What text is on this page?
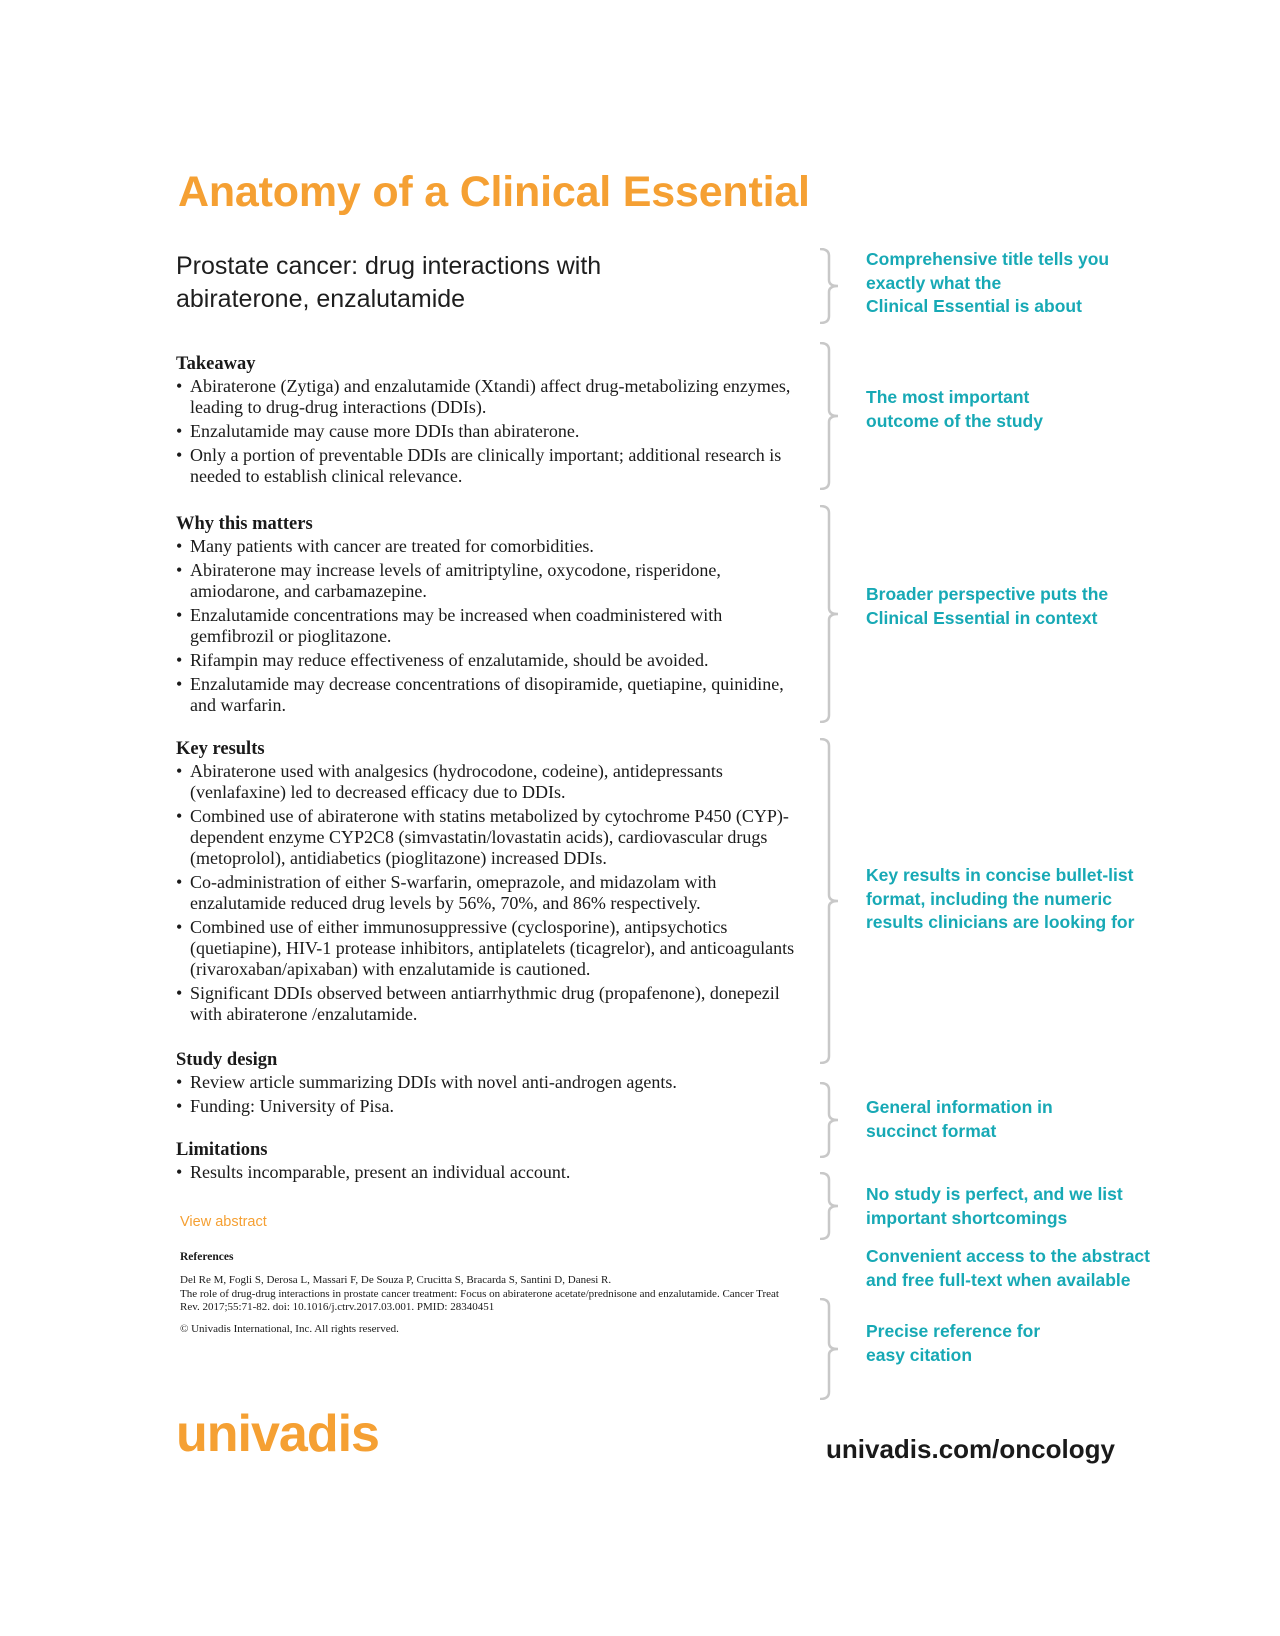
Anatomy of a Clinical Essential
Prostate cancer: drug interactions with
abiraterone, enzalutamide
Takeaway
• Abiraterone (Zytiga) and enzalutamide (Xtandi) affect drug-metabolizing enzymes, leading to drug-drug interactions (DDIs).
• Enzalutamide may cause more DDIs than abiraterone.
• Only a portion of preventable DDIs are clinically important; additional research is needed to establish clinical relevance.
Why this matters
• Many patients with cancer are treated for comorbidities.
• Abiraterone may increase levels of amitriptyline, oxycodone, risperidone, amiodarone, and carbamazepine.
• Enzalutamide concentrations may be increased when coadministered with gemfibrozil or pioglitazone.
• Rifampin may reduce effectiveness of enzalutamide, should be avoided.
• Enzalutamide may decrease concentrations of disopiramide, quetiapine, quinidine, and warfarin.
Key results
• Abiraterone used with analgesics (hydrocodone, codeine), antidepressants (venlafaxine) led to decreased efficacy due to DDIs.
• Combined use of abiraterone with statins metabolized by cytochrome P450 (CYP)-dependent enzyme CYP2C8 (simvastatin/lovastatin acids), cardiovascular drugs (metoprolol), antidiabetics (pioglitazone) increased DDIs.
• Co-administration of either S-warfarin, omeprazole, and midazolam with enzalutamide reduced drug levels by 56%, 70%, and 86% respectively.
• Combined use of either immunosuppressive (cyclosporine), antipsychotics (quetiapine), HIV-1 protease inhibitors, antiplatelets (ticagrelor), and anticoagulants (rivaroxaban/apixaban) with enzalutamide is cautioned.
• Significant DDIs observed between antiarrhythmic drug (propafenone), donepezil with abiraterone /enzalutamide.
Study design
• Review article summarizing DDIs with novel anti-androgen agents.
• Funding: University of Pisa.
Limitations
• Results incomparable, present an individual account.
View abstract
References

Del Re M, Fogli S, Derosa L, Massari F, De Souza P, Crucitta S, Bracarda S, Santini D, Danesi R.

The role of drug-drug interactions in prostate cancer treatment: Focus on abiraterone acetate/prednisone and enzalutamide. Cancer Treat Rev. 2017;55:71-82. doi: 10.1016/j.ctrv.2017.03.001. PMID: 28340451

© Univadis International, Inc. All rights reserved.

Comprehensive title tells you
exactly what the
Clinical Essential is about
The most important
outcome of the study
Broader perspective puts the
Clinical Essential in context
Key results in concise bullet-list
format, including the numeric
results clinicians are looking for
General information in
succinct format
No study is perfect, and we list
important shortcomings
Convenient access to the abstract
and free full-text when available
Precise reference for
easy citation
univadis	univadis.com/oncology
